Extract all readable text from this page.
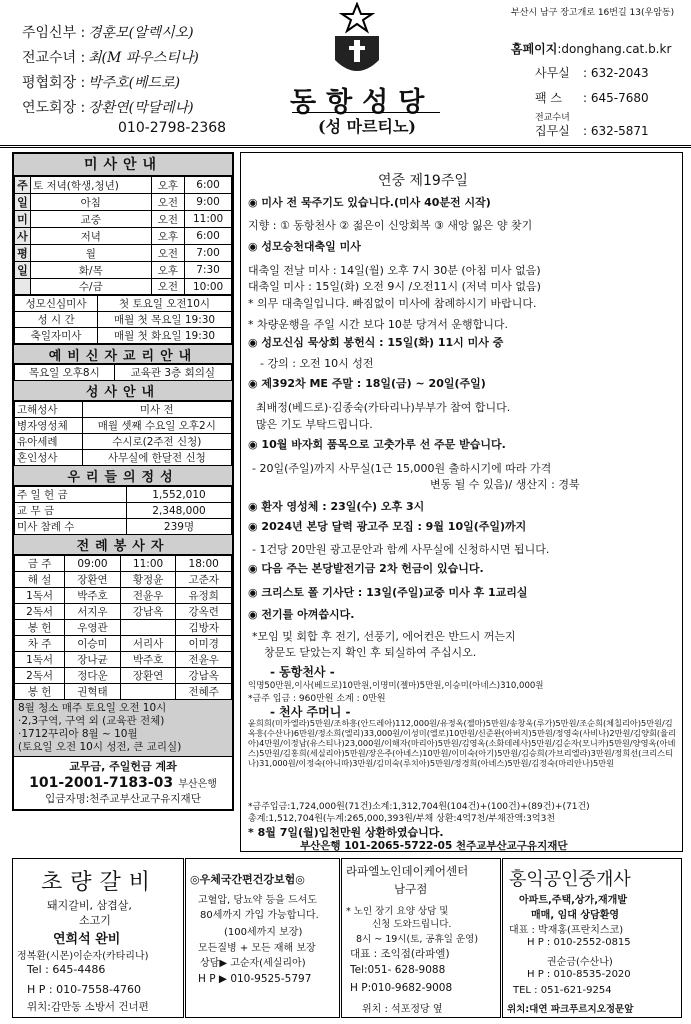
주임신부 : 경훈모(알렉시오)
전교수녀 : 최(M 파우스티나)
평협회장 : 박주호(베드로)
연도회장 : 장환연(막달레나)
010-2798-2368
동항성당
(성 마르티노)
부산시 남구 장고개로 16번길 13(우암동)
홈페이지:donghang.cat.b.kr
사무실 : 632-2043
팩 스 : 645-7680
전교수녀
집무실 : 632-5871
미사안내
주	토 저녁(학생,청년)	오후	6:00
일	아침	오전	9:00
미	교중	오전	11:00
사	저녁	오후	6:00
평	월	오전	7:00
일	화/목	오후	7:30
	수/금	오전	10:00
성모신심미사	첫 토요일 오전10시
성 시 간	매월 첫 목요일 19:30
축일자미사	매월 첫 화요일 19:30
예비신자교리안내
목요일 오후8시	교육관 3층 회의실
성사안내
고해성사	미사 전
병자영성체	매월 셋째 수요일 오후2시
유아세례	수시로(2주전 신청)
혼인성사	사무실에 한달전 신청
우리들의정성
주 일 헌 금	1,552,010
교 무 금	2,348,000
미사 참례 수	239명
전례봉사자
금 주	09:00	11:00	18:00
해 설	장환연	황정윤	고준자
1독서	박주호	전윤우	유정희
2독서	서지우	강남옥	강옥련
봉 헌	우영관		김방자
차 주	이승미	서리사	이미경
1독서	장나균	박주호	전윤우
2독서	정다운	장환연	강남옥
봉 헌	권혁태		전혜주
8월 청소 매주 토요일 오전 10시
·2,3구역, 구역 외 (교육관 전체)
·1712꾸리아 8월 ~ 10월
(토요일 오전 10시 성전, 큰 교리실)
교무금, 주일헌금 계좌
101-2001-7183-03 부산은행
입금자명:천주교부산교구유지재단
연중 제19주일
◉ 미사 전 묵주기도 있습니다.(미사 40분전 시작)
지향 : ① 동항천사 ② 젊은이 신앙회복 ③ 새앙 잃은 양 찾기
◉ 성모승천대축일 미사
대축일 전날 미사 : 14일(월) 오후 7시 30분 (아침 미사 없음)
대축일 미사 : 15일(화) 오전 9시 /오전11시 (저녁 미사 없음)
* 의무 대축일입니다. 빠짐없이 미사에 참례하시기 바랍니다.
* 차량운행을 주일 시간 보다 10분 당겨서 운행합니다.
◉ 성모신심 묵상회 봉헌식 : 15일(화) 11시 미사 중
- 강의 : 오전 10시 성전
◉ 제392차 ME 주말 : 18일(금) ~ 20일(주일)
최배정(베드로)·김종숙(카타리나)부부가 참여 합니다.
많은 기도 부탁드립니다.
◉ 10월 바자회 품목으로 고춧가루 선 주문 받습니다.
- 20일(주일)까지 사무실(1근 15,000원 출하시기에 따라 가격
변동 될 수 있음)/ 생산지 : 경북
◉ 환자 영성체 : 23일(수) 오후 3시
◉ 2024년 본당 달력 광고주 모집 : 9월 10일(주일)까지
- 1건당 20만원 광고문안과 함께 사무실에 신청하시면 됩니다.
◉ 다음 주는 본당발전기금 2차 헌금이 있습니다.
◉ 크리스토 폴 기사단 : 13일(주일)교중 미사 후 1교리실
◉ 전기를 아껴씁시다.
*모임 및 회합 후 전기, 선풍기, 에어컨은 반드시 꺼는지
창문도 닫았는지 확인 후 퇴실하여 주십시오.
- 동항천사 -
익명50만원,이사(베드로)10만원,이명미(젤마)5만원,이승미(아네스)310,000원
*금주 입금 : 960만원 소계 : 0만원
- 천사 주머니 -
윤희희(미카엘라)5만원/조하흥(안드레아)112,000원/유정옥(젤마)5만원/송창욱(루가)5만원/조순희(체칠리아)5만원/김옥흥(수산나)6만원/정소희(엘리)33,000원/이성미(엘로)10만원/신준완(아버지)5만원/정영숙(사비나)2만원/김양회(율리아)4만원/이정남(유스티나)23,000원/이해자(마리아)5만원/김영옥(소화데레사)5만원/김순자(모니카)5만원/양영옥(아녜스)5만원/김홍희(세실리아)5만원/장은주(아녜스)10만원/이미숙(아기)5만원/김승희(가브리엘라)3만원/정희선(크리스티나)31,000원/이정숙(아니따)3만원/김미숙(루치아)5만원/정경희(아녜스)5만원/김정숙(마리안나)5만원
*금주입금:1,724,000원(71건)소계:1,312,704원(104건)+(100건)+(89건)+(71건)
총계:1,512,704원(누계:265,000,393원/부채 상환:4억7천/부채잔액:3억3천
* 8월 7일(월)입천만원 상환하였습니다.
부산은행 101-2065-5722-05 천주교부산교구유지재단
초량갈비
돼지갈비, 삼겹살,
소고기
연희석 완비
정복환(시몬)이순자(카타리나)
Tel : 645-4486
H P : 010-7558-4760
위치:감만동 소방서 건너편
◎우체국간편건강보험◎
고혈압, 당뇨약 등을 드셔도
80세까지 가입 가능합니다.
(100세까지 보장)
모든질병 + 모든 재해 보장
상담▶ 고순자(세실리아)
H P ▶ 010-9525-5797
라파엘노인데이케어센터
남구점
* 노인 장기 요양 상담 및
신청 도와드립니다.
8시 ~ 19시(토, 공휴일 운영)
대표 : 조익점(라파엘)
Tel:051- 628-9088
H P:010-9682-9008
위치 : 석포정당 옆
홍익공인중개사
아파트,주택,상가,재개발
매매, 임대 상담환영
대표 : 박재홍(프란치스코)
H P : 010-2552-0815
권순금(수산나)
H P : 010-8535-2020
TEL : 051-621-9254
위치:대연 파크푸르지오정문앞
